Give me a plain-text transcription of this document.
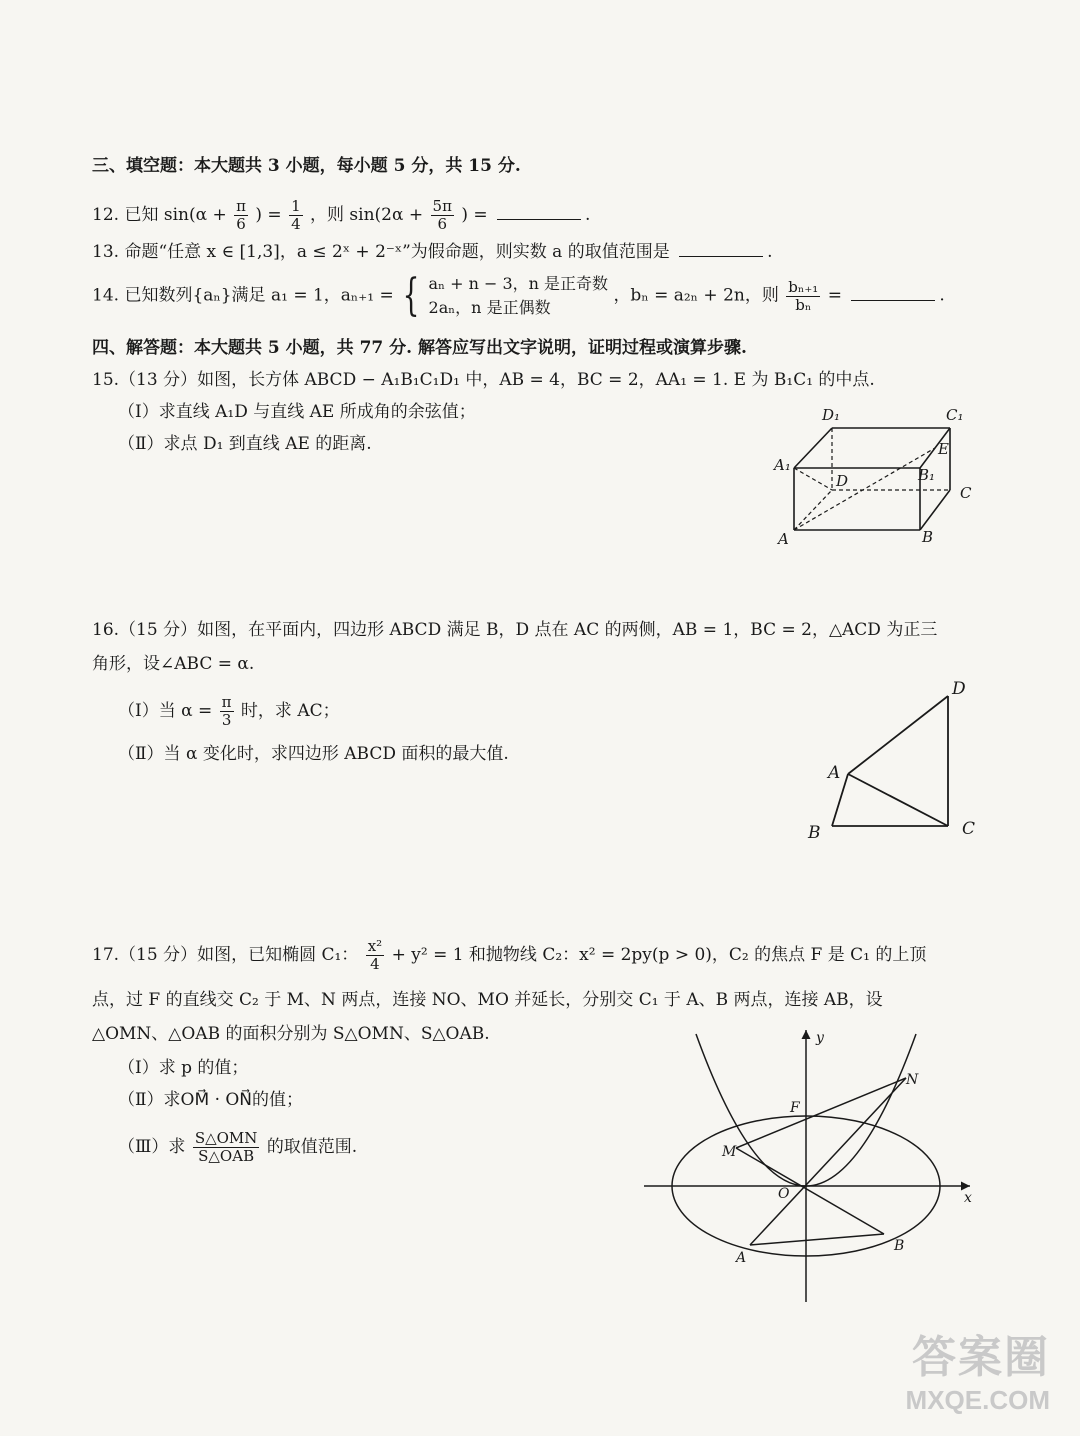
三、填空题：本大题共 3 小题，每小题 5 分，共 15 分.
12. 已知 $\sin(\alpha + \frac{\pi}{6}$ ) = $\frac{1}{4}$ ，则 $\sin(2\alpha + \frac{5\pi}{6}$ ) =	.
13. 命题“任意 x ∈ [1,3]，a ≤ 2ˣ + 2⁻ˣ”为假命题，则实数 a 的取值范围是	.
14. 已知数列{aₙ}满足 a₁ = 1，aₙ₊₁ = { aₙ + n − 3，n 是正奇数
2aₙ，n 是正偶数
，bₙ = a₂ₙ + 2n，则 $\frac{\text{bₙ₊₁}}{\text{bₙ}}$ =	.
四、解答题：本大题共 5 小题，共 77 分. 解答应写出文字说明，证明过程或演算步骤.
15.（13 分）如图，长方体 ABCD − A₁B₁C₁D₁ 中，AB = 4，BC = 2，AA₁ = 1. E 为 B₁C₁ 的中点.
（Ⅰ）求直线 A₁D 与直线 AE 所成角的余弦值；
（Ⅱ）求点 D₁ 到直线 AE 的距离.
D₁	C₁
A₁
B₁
E
D
C
A	B
16.（15 分）如图，在平面内，四边形 ABCD 满足 B，D 点在 AC 的两侧，AB = 1，BC = 2，△ACD 为正三
角形，设∠ABC = α.
（Ⅰ）当 $\alpha = \frac{\pi}{3}$ 时，求 AC；
（Ⅱ）当 α 变化时，求四边形 ABCD 面积的最大值.
D
A
B	C
17.（15 分）如图，已知椭圆 C₁： $\frac{\text{x²}}{4} + y^2 = 1$ 和抛物线 C₂：x² = 2py(p > 0)，C₂ 的焦点 F 是 C₁ 的上顶
点，过 F 的直线交 C₂ 于 M、N 两点，连接 NO、MO 并延长，分别交 C₁ 于 A、B 两点，连接 AB，设
△OMN、△OAB 的面积分别为 S△OMN、S△OAB.
（Ⅰ）求 p 的值；
（Ⅱ）求OM⃗ · ON⃗的值；
（Ⅲ）求 $\frac{\text{S△OMN}}{\text{S△OAB}}$ 的取值范围.
y
x
N
F
M
O
A
B
答案圈
MXQE.COM
